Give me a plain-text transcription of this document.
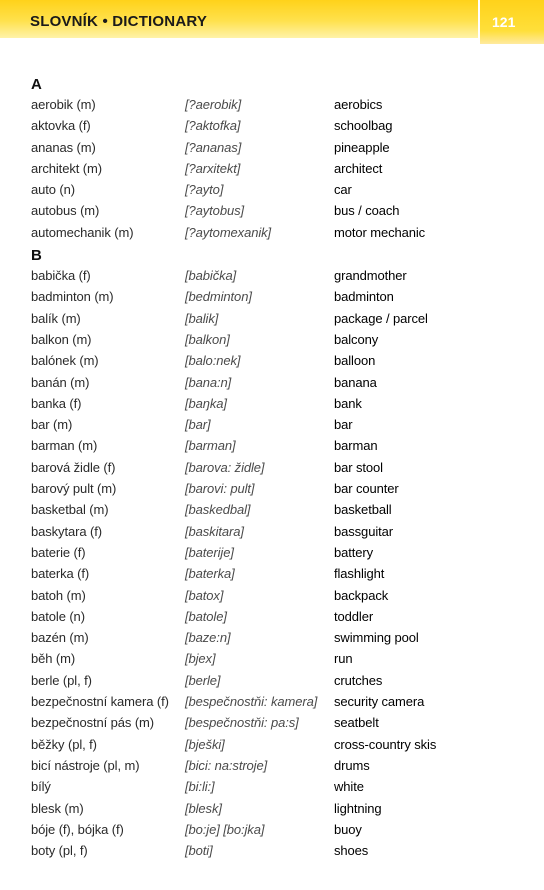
SLOVNÍK • DICTIONARY	121
A
aerobik (m)	[?aerobik]	aerobics
aktovka (f)	[?aktofka]	schoolbag
ananas (m)	[?ananas]	pineapple
architekt (m)	[?arxitekt]	architect
auto (n)	[?ayto]	car
autobus (m)	[?aytobus]	bus / coach
automechanik (m)	[?aytomexanik]	motor mechanic
B
babička (f)	[babička]	grandmother
badminton (m)	[bedminton]	badminton
balík (m)	[balik]	package / parcel
balkon (m)	[balkon]	balcony
balónek (m)	[balo:nek]	balloon
banán (m)	[bana:n]	banana
banka (f)	[baŋka]	bank
bar (m)	[bar]	bar
barman (m)	[barman]	barman
barová židle (f)	[barova: židle]	bar stool
barový pult (m)	[barovi: pult]	bar counter
basketbal (m)	[baskedbal]	basketball
baskytara (f)	[baskitara]	bassguitar
baterie (f)	[baterije]	battery
baterka (f)	[baterka]	flashlight
batoh (m)	[batox]	backpack
batole (n)	[batole]	toddler
bazén (m)	[baze:n]	swimming pool
běh (m)	[bjex]	run
berle (pl, f)	[berle]	crutches
bezpečnostní kamera (f)	[bespečnostňi: kamera]	security camera
bezpečnostní pás (m)	[bespečnostňi: pa:s]	seatbelt
běžky (pl, f)	[bješki]	cross-country skis
bicí nástroje (pl, m)	[bici: na:stroje]	drums
bílý	[bi:li:]	white
blesk (m)	[blesk]	lightning
bóje (f), bójka (f)	[bo:je] [bo:jka]	buoy
boty (pl, f)	[boti]	shoes
